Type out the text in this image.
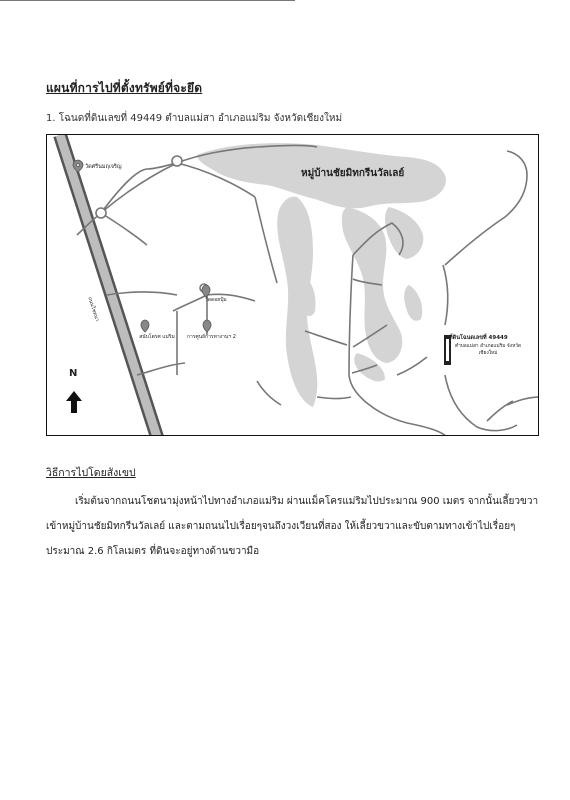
แผนที่การไปที่ตั้งทรัพย์ที่จะยึด
1. โฉนดที่ดินเลขที่ 49449 ตำบลแม่สา อำเภอแม่ริม จังหวัดเชียงใหม่
หมู่บ้านชัยมิทกรีนวัลเลย์
วัดศรีนมฤเจริญ
วัดดอยปุ้ม
การศูนย์การทางานฯ 2
สนับโตรศ แม่ริม	ที่ดินโฉนดเลขที่ 49449
ตำบลแม่สา อำเภอแม่ริม จังหวัดเชียงใหม่
ถนนโชตนา
N
วิธีการไปโดยสังเขป
เริ่มต้นจากถนนโชตนามุ่งหน้าไปทางอำเภอแม่ริม ผ่านแม็คโครแม่ริมไปประมาณ 900 เมตร จากนั้นเลี้ยวขวา
เข้าหมู่บ้านชัยมิทกรีนวัลเลย์ และตามถนนไปเรื่อยๆจนถึงวงเวียนที่สอง ให้เลี้ยวขวาและขับตามทางเข้าไปเรื่อยๆ
ประมาณ 2.6 กิโลเมตร ที่ดินจะอยู่ทางด้านขวามือ
